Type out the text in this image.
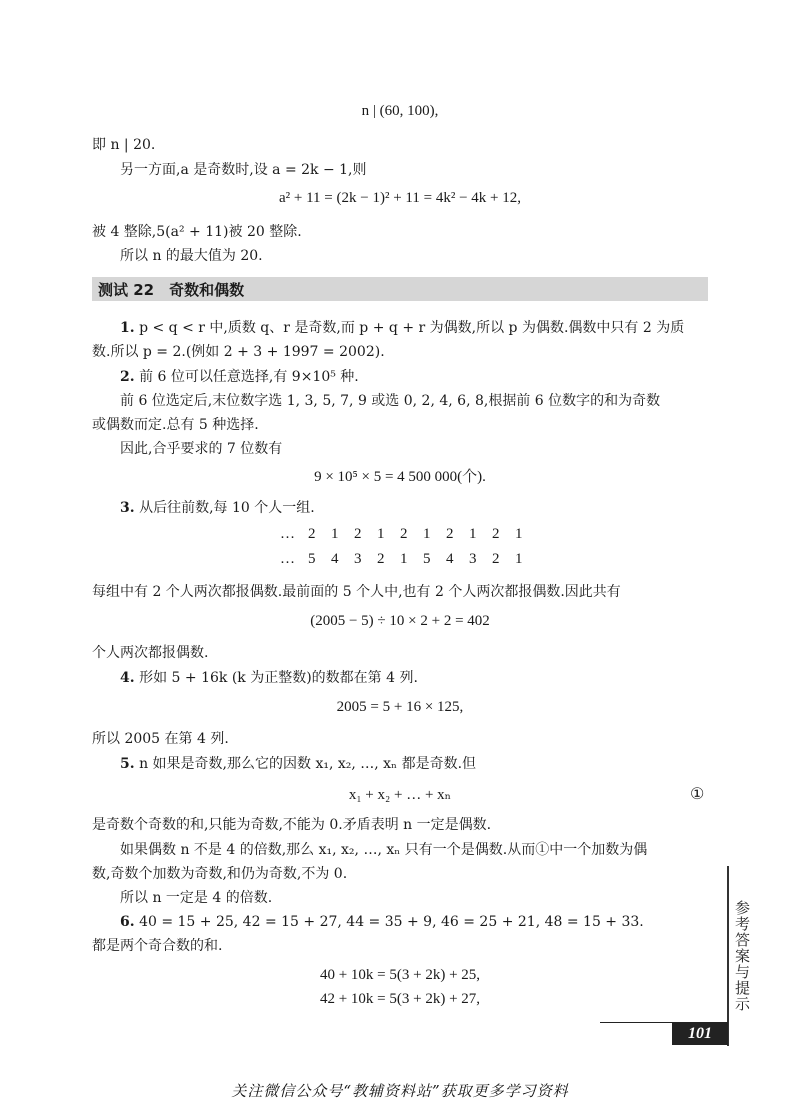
n | (60, 100),
即 n | 20.
另一方面,a 是奇数时,设 a = 2k − 1,则
a² + 11 = (2k − 1)² + 11 = 4k² − 4k + 12,
被 4 整除,5(a² + 11)被 20 整除.
所以 n 的最大值为 20.
测试 22　奇数和偶数
1. p < q < r 中,质数 q、r 是奇数,而 p + q + r 为偶数,所以 p 为偶数.偶数中只有 2 为质
数.所以 p = 2.(例如 2 + 3 + 1997 = 2002).
2. 前 6 位可以任意选择,有 9×10⁵ 种.
前 6 位选定后,末位数字选 1, 3, 5, 7, 9 或选 0, 2, 4, 6, 8,根据前 6 位数字的和为奇数
或偶数而定.总有 5 种选择.
因此,合乎要求的 7 位数有
9 × 10⁵ × 5 = 4 500 000(个).
3. 从后往前数,每 10 个人一组.
… 2 1 2 1 2 1 2 1 2 1
… 5 4 3 2 1 5 4 3 2 1
每组中有 2 个人两次都报偶数.最前面的 5 个人中,也有 2 个人两次都报偶数.因此共有
(2005 − 5) ÷ 10 × 2 + 2 = 402
个人两次都报偶数.
4. 形如 5 + 16k (k 为正整数)的数都在第 4 列.
2005 = 5 + 16 × 125,
所以 2005 在第 4 列.
5. n 如果是奇数,那么它的因数 x₁, x₂, …, xₙ 都是奇数.但
x₁ + x₂ + … + xₙ	①
是奇数个奇数的和,只能为奇数,不能为 0.矛盾表明 n 一定是偶数.
如果偶数 n 不是 4 的倍数,那么 x₁, x₂, …, xₙ 只有一个是偶数.从而①中一个加数为偶
数,奇数个加数为奇数,和仍为奇数,不为 0.
所以 n 一定是 4 的倍数.
6. 40 = 15 + 25, 42 = 15 + 27, 44 = 35 + 9, 46 = 25 + 21, 48 = 15 + 33.
都是两个奇合数的和.
40 + 10k = 5(3 + 2k) + 25,
42 + 10k = 5(3 + 2k) + 27,	参考答案与提示
101
关注微信公众号“教辅资料站”获取更多学习资料
